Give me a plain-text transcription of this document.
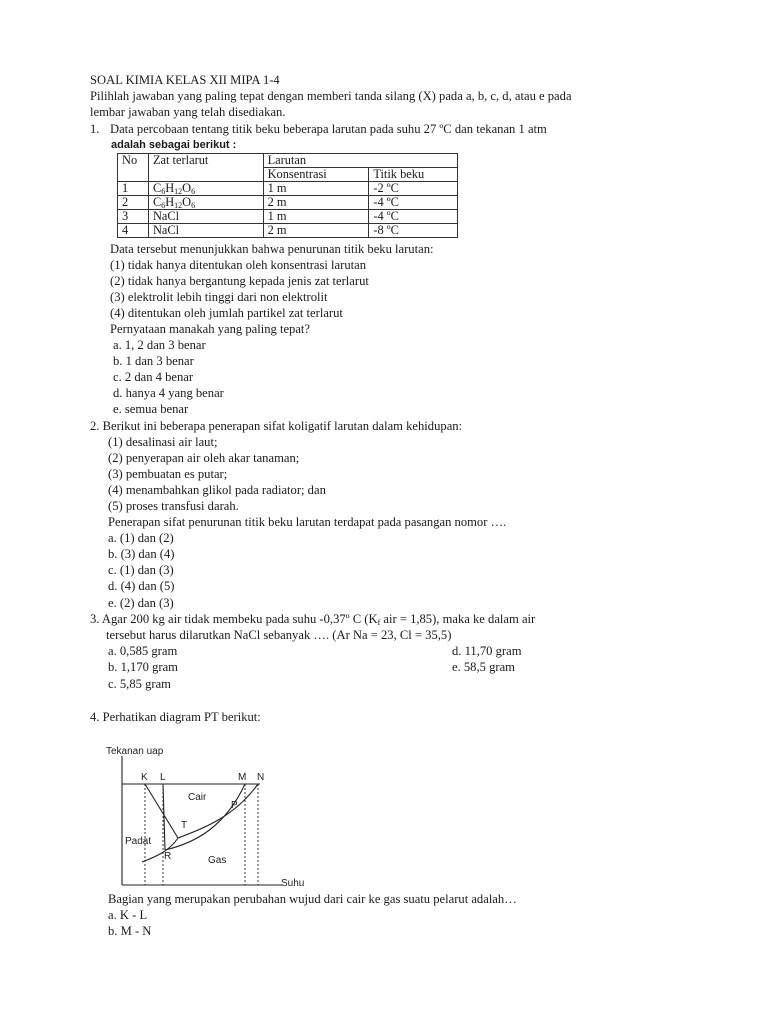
SOAL KIMIA KELAS XII MIPA 1-4
Pilihlah jawaban yang paling tepat dengan memberi tanda silang (X) pada a, b, c, d, atau e pada
lembar jawaban yang telah disediakan.
1. Data percobaan tentang titik beku beberapa larutan pada suhu 27 ºC dan tekanan 1 atm
adalah sebagai berikut :
No	Zat terlarut	Larutan	
		Konsentrasi	Titik beku
1	$C_6H_{12}O_6$	1 m	-2 ºC
2	$C_6H_{12}O_6$	2 m	-4 ºC
3	NaCl	1 m	-4 ºC
4	NaCl	2 m	-8 ºC
Data tersebut menunjukkan bahwa penurunan titik beku larutan:
(1) tidak hanya ditentukan oleh konsentrasi larutan
(2) tidak hanya bergantung kepada jenis zat terlarut
(3) elektrolit lebih tinggi dari non elektrolit
(4) ditentukan oleh jumlah partikel zat terlarut
Pernyataan manakah yang paling tepat?
a. 1, 2 dan 3 benar
b. 1 dan 3 benar
c. 2 dan 4 benar
d. hanya 4 yang benar
e. semua benar
2. Berikut ini beberapa penerapan sifat koligatif larutan dalam kehidupan:
(1) desalinasi air laut;
(2) penyerapan air oleh akar tanaman;
(3) pembuatan es putar;
(4) menambahkan glikol pada radiator; dan
(5) proses transfusi darah.
Penerapan sifat penurunan titik beku larutan terdapat pada pasangan nomor ….
a. (1) dan (2)
b. (3) dan (4)
c. (1) dan (3)
d. (4) dan (5)
e. (2) dan (3)
3. Agar 200 kg air tidak membeku pada suhu -0,37º C ($K_f$ air = 1,85), maka ke dalam air
tersebut harus dilarutkan NaCl sebanyak …. (Ar Na = 23, Cl = 35,5)
a. 0,585 gram	d. 11,70 gram
b. 1,170 gram	e. 58,5 gram
c. 5,85 gram
4. Perhatikan diagram PT berikut:
Tekanan uap
Suhu
K L	M N
Cair
P
T
Padat
R	Gas
Bagian yang merupakan perubahan wujud dari cair ke gas suatu pelarut adalah…
a. K - L
b. M - N
